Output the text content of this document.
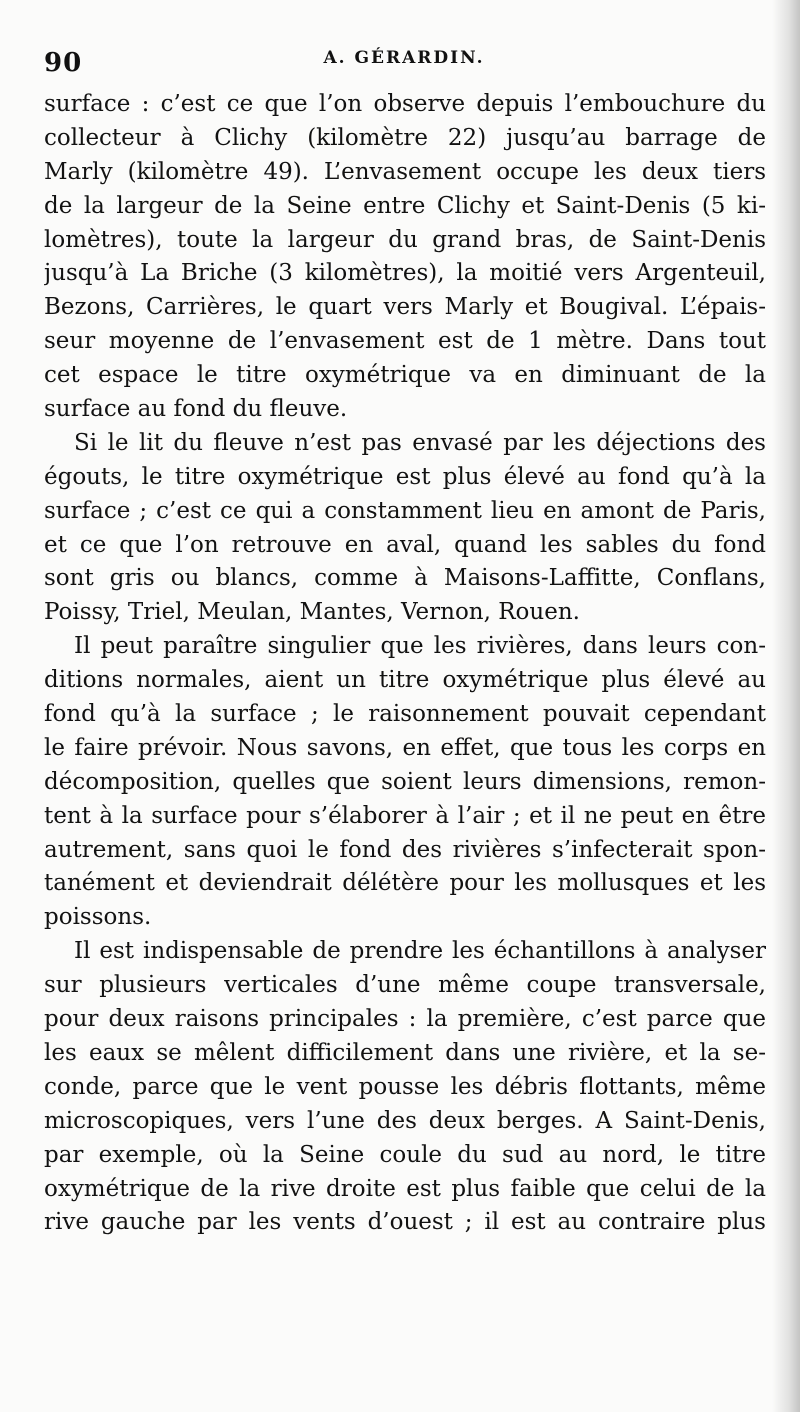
90	A. GÉRARDIN.
surface : c’est ce que l’on observe depuis l’embouchure du
collecteur à Clichy (kilomètre 22) jusqu’au barrage de
Marly (kilomètre 49). L’envasement occupe les deux tiers
de la largeur de la Seine entre Clichy et Saint-Denis (5 ki-
lomètres), toute la largeur du grand bras, de Saint-Denis
jusqu’à La Briche (3 kilomètres), la moitié vers Argenteuil,
Bezons, Carrières, le quart vers Marly et Bougival. L’épais-
seur moyenne de l’envasement est de 1 mètre. Dans tout
cet espace le titre oxymétrique va en diminuant de la
surface au fond du fleuve.
Si le lit du fleuve n’est pas envasé par les déjections des
égouts, le titre oxymétrique est plus élevé au fond qu’à la
surface ; c’est ce qui a constamment lieu en amont de Paris,
et ce que l’on retrouve en aval, quand les sables du fond
sont gris ou blancs, comme à Maisons-Laffitte, Conflans,
Poissy, Triel, Meulan, Mantes, Vernon, Rouen.
Il peut paraître singulier que les rivières, dans leurs con-
ditions normales, aient un titre oxymétrique plus élevé au
fond qu’à la surface ; le raisonnement pouvait cependant
le faire prévoir. Nous savons, en effet, que tous les corps en
décomposition, quelles que soient leurs dimensions, remon-
tent à la surface pour s’élaborer à l’air ; et il ne peut en être
autrement, sans quoi le fond des rivières s’infecterait spon-
tanément et deviendrait délétère pour les mollusques et les
poissons.
Il est indispensable de prendre les échantillons à analyser
sur plusieurs verticales d’une même coupe transversale,
pour deux raisons principales : la première, c’est parce que
les eaux se mêlent difficilement dans une rivière, et la se-
conde, parce que le vent pousse les débris flottants, même
microscopiques, vers l’une des deux berges. A Saint-Denis,
par exemple, où la Seine coule du sud au nord, le titre
oxymétrique de la rive droite est plus faible que celui de la
rive gauche par les vents d’ouest ; il est au contraire plus
